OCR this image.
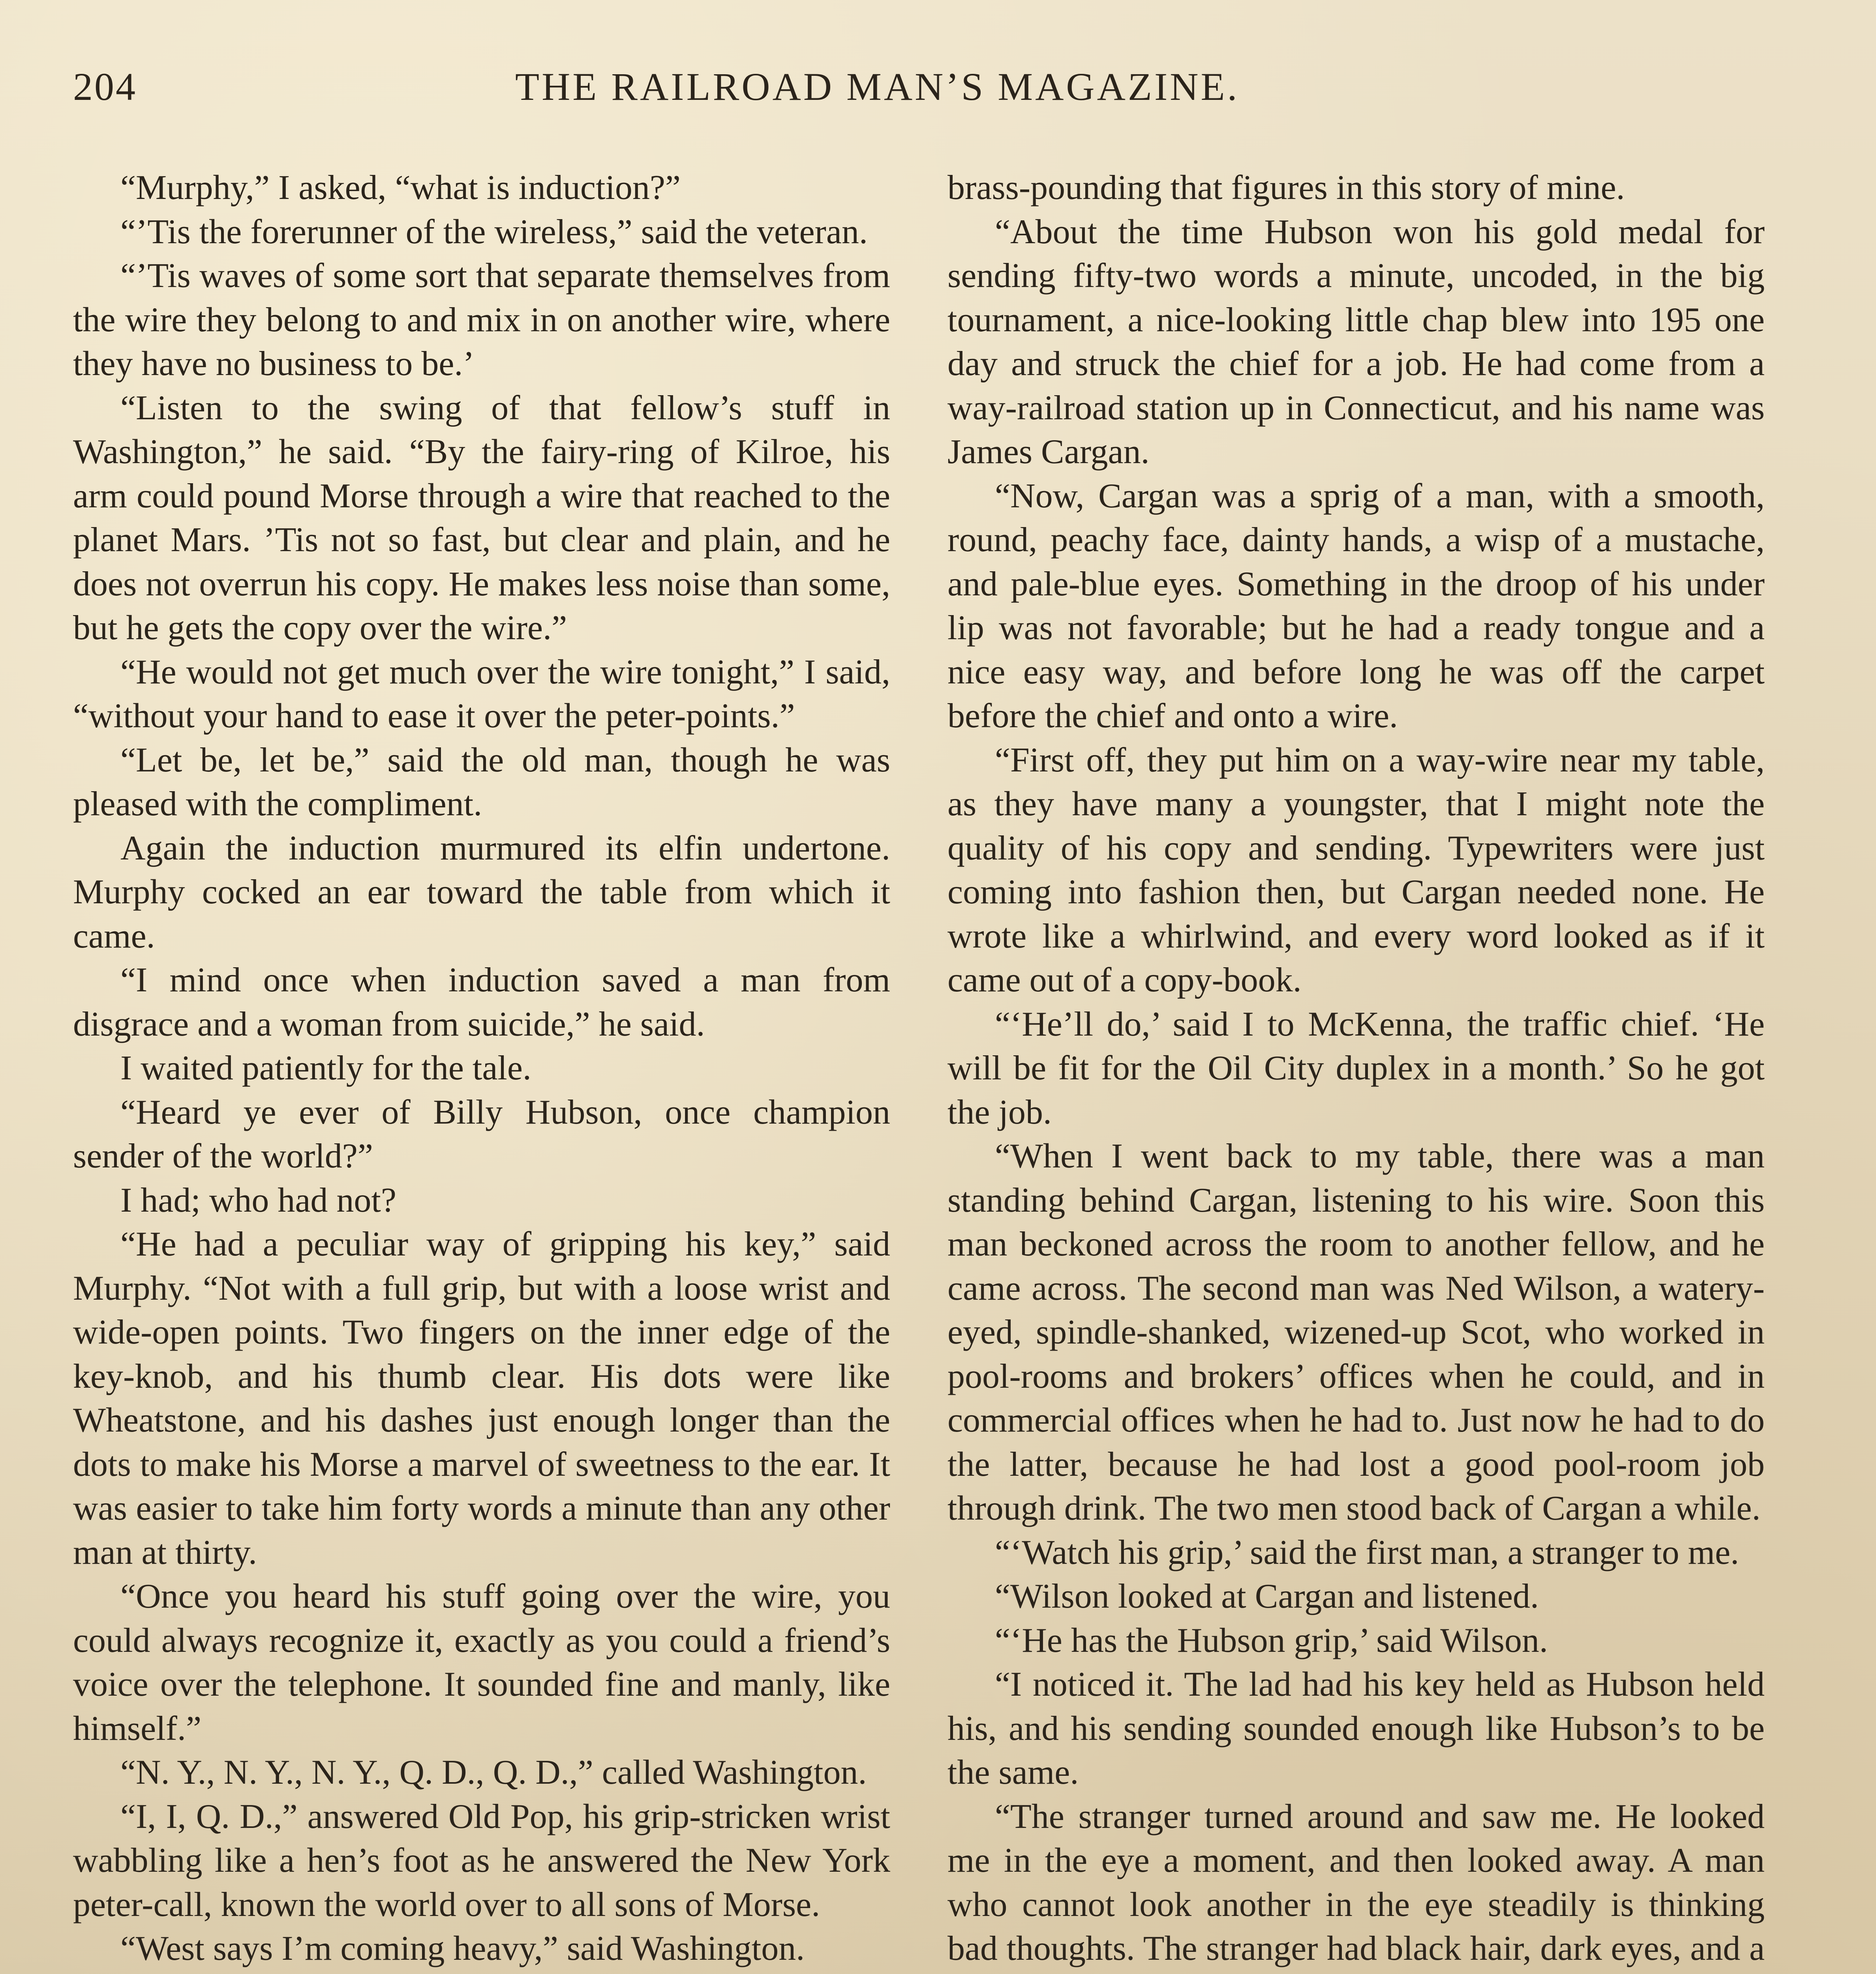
204	THE RAILROAD MAN’S MAGAZINE.

“Murphy,” I asked, “what is induction?”

“’Tis the forerunner of the wireless,” said the veteran.

“’Tis waves of some sort that separate themselves from the wire they belong to and mix in on another wire, where they have no business to be.’

“Listen to the swing of that fellow’s stuff in Washington,” he said. “By the fairy-ring of Kilroe, his arm could pound Morse through a wire that reached to the planet Mars. ’Tis not so fast, but clear and plain, and he does not overrun his copy. He makes less noise than some, but he gets the copy over the wire.”

“He would not get much over the wire tonight,” I said, “without your hand to ease it over the peter-points.”

“Let be, let be,” said the old man, though he was pleased with the compliment.

Again the induction murmured its elfin undertone. Murphy cocked an ear toward the table from which it came.

“I mind once when induction saved a man from disgrace and a woman from suicide,” he said.

I waited patiently for the tale.

“Heard ye ever of Billy Hubson, once champion sender of the world?”

I had; who had not?

“He had a peculiar way of gripping his key,” said Murphy. “Not with a full grip, but with a loose wrist and wide-open points. Two fingers on the inner edge of the key-knob, and his thumb clear. His dots were like Wheatstone, and his dashes just enough longer than the dots to make his Morse a marvel of sweetness to the ear. It was easier to take him forty words a minute than any other man at thirty.

“Once you heard his stuff going over the wire, you could always recognize it, exactly as you could a friend’s voice over the telephone. It sounded fine and manly, like himself.”

“N. Y., N. Y., N. Y., Q. D., Q. D.,” called Washington.

“I, I, Q. D.,” answered Old Pop, his grip-stricken wrist wabbling like a hen’s foot as he answered the New York peter-call, known the world over to all sons of Morse.

“West says I’m coming heavy,” said Washington.

brass-pounding that figures in this story of mine.

“About the time Hubson won his gold medal for sending fifty-two words a minute, uncoded, in the big tournament, a nice-looking little chap blew into 195 one day and struck the chief for a job. He had come from a way-railroad station up in Connecticut, and his name was James Cargan.

“Now, Cargan was a sprig of a man, with a smooth, round, peachy face, dainty hands, a wisp of a mustache, and pale-blue eyes. Something in the droop of his under lip was not favorable; but he had a ready tongue and a nice easy way, and before long he was off the carpet before the chief and onto a wire.

“First off, they put him on a way-wire near my table, as they have many a youngster, that I might note the quality of his copy and sending. Typewriters were just coming into fashion then, but Cargan needed none. He wrote like a whirlwind, and every word looked as if it came out of a copy-book.

“‘He’ll do,’ said I to McKenna, the traffic chief. ‘He will be fit for the Oil City duplex in a month.’ So he got the job.

“When I went back to my table, there was a man standing behind Cargan, listening to his wire. Soon this man beckoned across the room to another fellow, and he came across. The second man was Ned Wilson, a watery-eyed, spindle-shanked, wizened-up Scot, who worked in pool-rooms and brokers’ offices when he could, and in commercial offices when he had to. Just now he had to do the latter, because he had lost a good pool-room job through drink. The two men stood back of Cargan a while.

“‘Watch his grip,’ said the first man, a stranger to me.

“Wilson looked at Cargan and listened.

“‘He has the Hubson grip,’ said Wilson.

“I noticed it. The lad had his key held as Hubson held his, and his sending sounded enough like Hubson’s to be the same.

“The stranger turned around and saw me. He looked me in the eye a moment, and then looked away. A man who cannot look another in the eye steadily is thinking bad thoughts. The stranger had black hair, dark eyes, and a
